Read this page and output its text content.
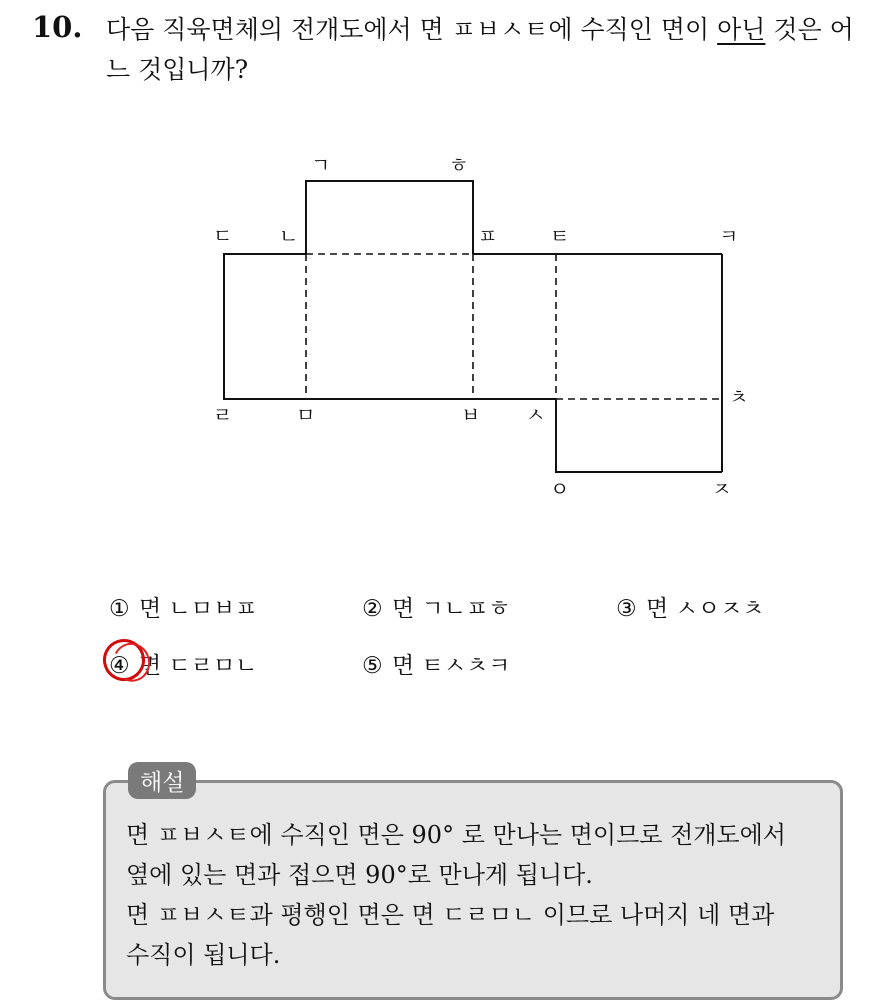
10. 다음 직육면체의 전개도에서 면 ㅍㅂㅅㅌ에 수직인 면이 아닌 것은 어느 것입니까?
ㄱ	ㅎ
ㄷ ㄴ	ㅍ	ㅌ	ㅋ
ㄹ	ㅁ	ㅂ ㅅ
ㅊ
ㅇ	ㅈ
① 면 ㄴㅁㅂㅍ	② 면 ㄱㄴㅍㅎ	③ 면 ㅅㅇㅈㅊ
④ 면 ㄷㄹㅁㄴ	⑤ 면 ㅌㅅㅊㅋ
해설
면 ㅍㅂㅅㅌ에 수직인 면은 90° 로 만나는 면이므로 전개도에서
옆에 있는 면과 접으면 90°로 만나게 됩니다.
면 ㅍㅂㅅㅌ과 평행인 면은 면 ㄷㄹㅁㄴ 이므로 나머지 네 면과
수직이 됩니다.
